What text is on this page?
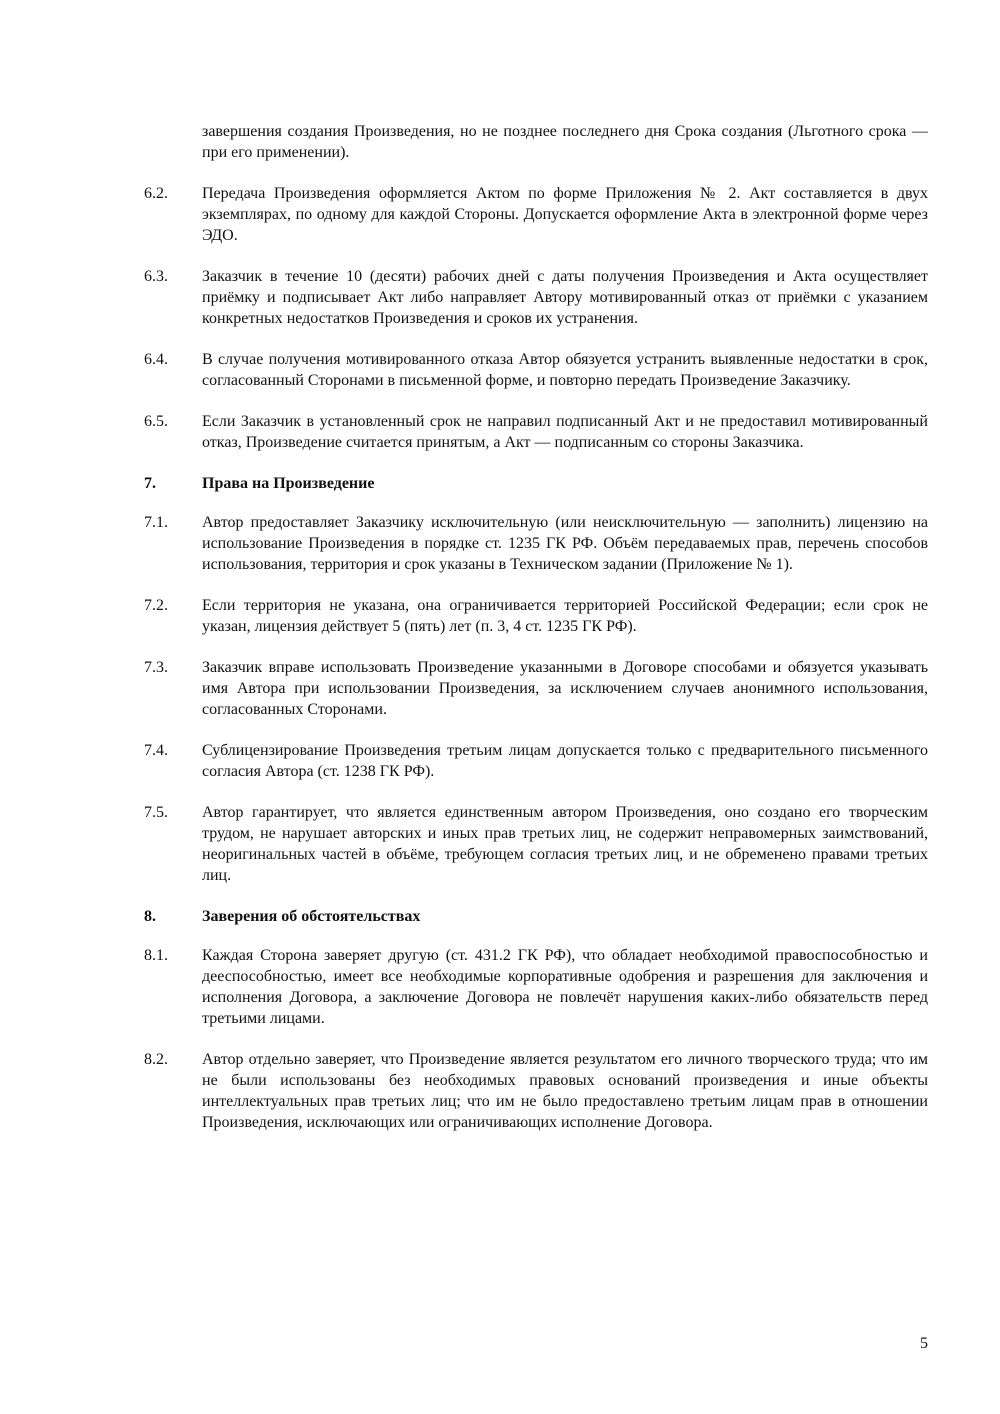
завершения создания Произведения, но не позднее последнего дня Срока создания (Льготного срока — при его применении).
6.2.	Передача Произведения оформляется Актом по форме Приложения № 2. Акт составляется в двух экземплярах, по одному для каждой Стороны. Допускается оформление Акта в электронной форме через ЭДО.
6.3.	Заказчик в течение 10 (десяти) рабочих дней с даты получения Произведения и Акта осуществляет приёмку и подписывает Акт либо направляет Автору мотивированный отказ от приёмки с указанием конкретных недостатков Произведения и сроков их устранения.
6.4.	В случае получения мотивированного отказа Автор обязуется устранить выявленные недостатки в срок, согласованный Сторонами в письменной форме, и повторно передать Произведение Заказчику.
6.5.	Если Заказчик в установленный срок не направил подписанный Акт и не предоставил мотивированный отказ, Произведение считается принятым, а Акт — подписанным со стороны Заказчика.
7.	Права на Произведение
7.1.	Автор предоставляет Заказчику исключительную (или неисключительную — заполнить) лицензию на использование Произведения в порядке ст. 1235 ГК РФ. Объём передаваемых прав, перечень способов использования, территория и срок указаны в Техническом задании (Приложение № 1).
7.2.	Если территория не указана, она ограничивается территорией Российской Федерации; если срок не указан, лицензия действует 5 (пять) лет (п. 3, 4 ст. 1235 ГК РФ).
7.3.	Заказчик вправе использовать Произведение указанными в Договоре способами и обязуется указывать имя Автора при использовании Произведения, за исключением случаев анонимного использования, согласованных Сторонами.
7.4.	Сублицензирование Произведения третьим лицам допускается только с предварительного письменного согласия Автора (ст. 1238 ГК РФ).
7.5.	Автор гарантирует, что является единственным автором Произведения, оно создано его творческим трудом, не нарушает авторских и иных прав третьих лиц, не содержит неправомерных заимствований, неоригинальных частей в объёме, требующем согласия третьих лиц, и не обременено правами третьих лиц.
8.	Заверения об обстоятельствах
8.1.	Каждая Сторона заверяет другую (ст. 431.2 ГК РФ), что обладает необходимой правоспособностью и дееспособностью, имеет все необходимые корпоративные одобрения и разрешения для заключения и исполнения Договора, а заключение Договора не повлечёт нарушения каких-либо обязательств перед третьими лицами.
8.2.	Автор отдельно заверяет, что Произведение является результатом его личного творческого труда; что им не были использованы без необходимых правовых оснований произведения и иные объекты интеллектуальных прав третьих лиц; что им не было предоставлено третьим лицам прав в отношении Произведения, исключающих или ограничивающих исполнение Договора.
5
